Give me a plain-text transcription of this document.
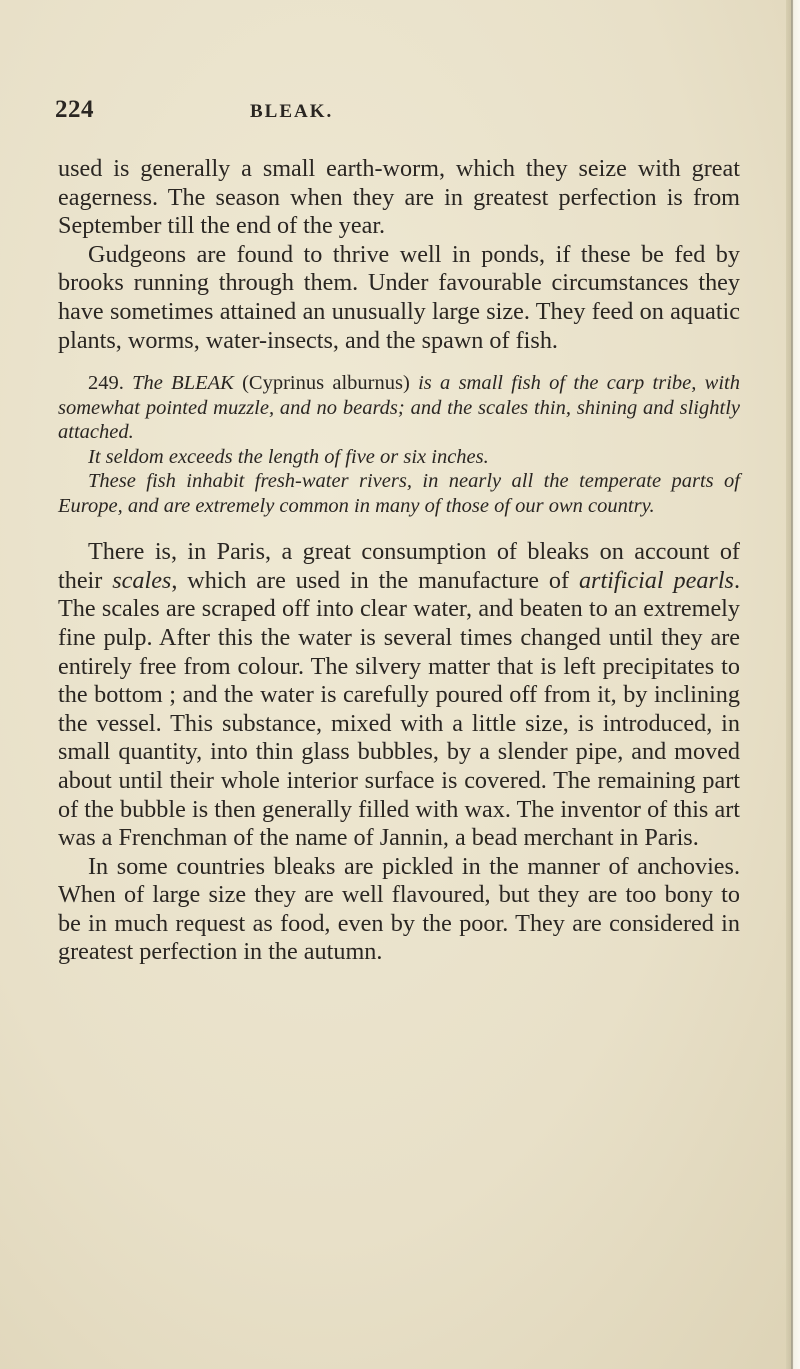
224	BLEAK.

used is generally a small earth-worm, which they seize with great eagerness. The season when they are in greatest perfection is from September till the end of the year.

Gudgeons are found to thrive well in ponds, if these be fed by brooks running through them. Under favourable circumstances they have sometimes attained an unusually large size. They feed on aquatic plants, worms, water-insects, and the spawn of fish.

249. The BLEAK (Cyprinus alburnus) is a small fish of the carp tribe, with somewhat pointed muzzle, and no beards; and the scales thin, shining and slightly attached.

It seldom exceeds the length of five or six inches.

These fish inhabit fresh-water rivers, in nearly all the temperate parts of Europe, and are extremely common in many of those of our own country.

There is, in Paris, a great consumption of bleaks on account of their scales, which are used in the manufacture of artificial pearls. The scales are scraped off into clear water, and beaten to an extremely fine pulp. After this the water is several times changed until they are entirely free from colour. The silvery matter that is left precipitates to the bottom ; and the water is carefully poured off from it, by inclining the vessel. This substance, mixed with a little size, is introduced, in small quantity, into thin glass bubbles, by a slender pipe, and moved about until their whole interior surface is covered. The remaining part of the bubble is then generally filled with wax. The inventor of this art was a Frenchman of the name of Jannin, a bead merchant in Paris.

In some countries bleaks are pickled in the manner of anchovies. When of large size they are well flavoured, but they are too bony to be in much request as food, even by the poor. They are considered in greatest perfection in the autumn.
